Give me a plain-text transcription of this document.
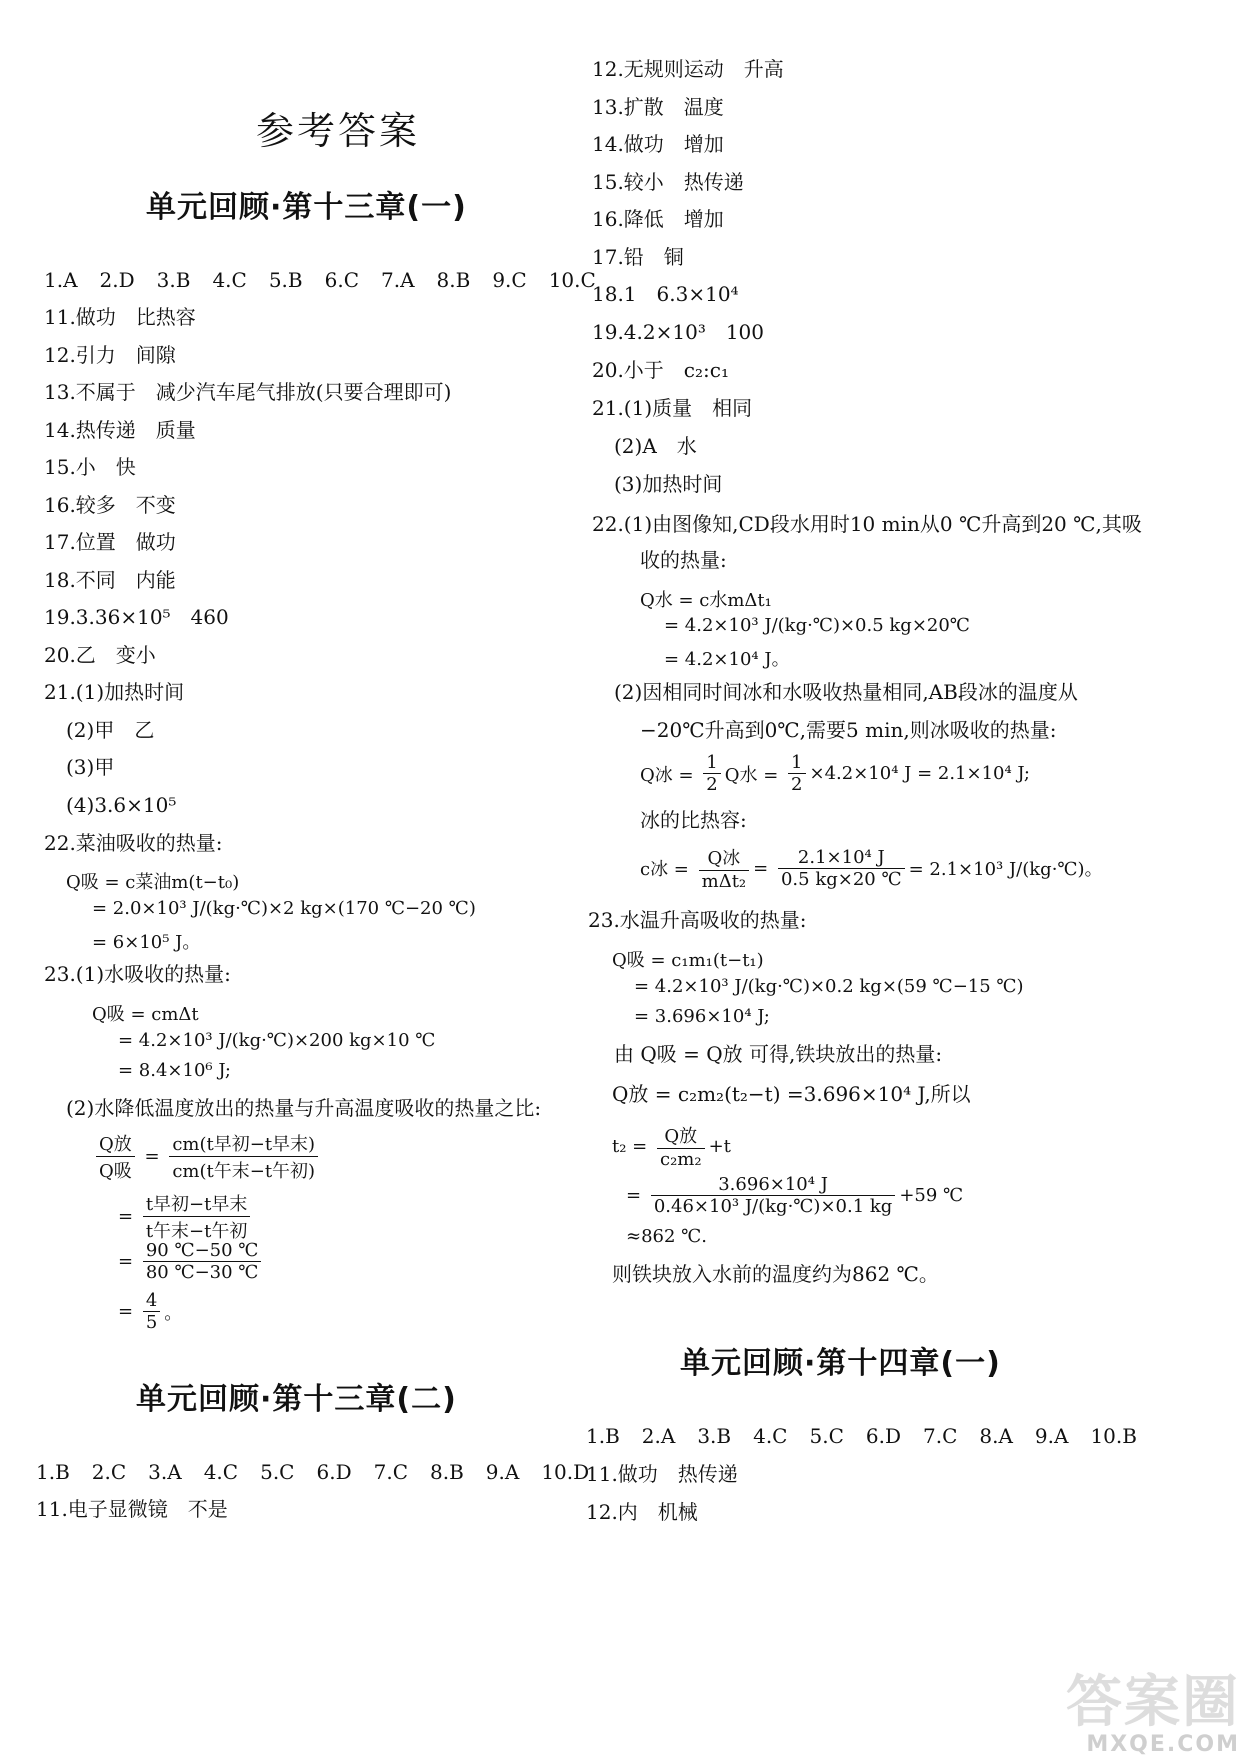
参考答案
单元回顾·第十三章(一)
1.A 2.D 3.B 4.C 5.B 6.C 7.A 8.B 9.C 10.C
11.做功　比热容
12.引力　间隙
13.不属于　减少汽车尾气排放(只要合理即可)
14.热传递　质量
15.小　快
16.较多　不变
17.位置　做功
18.不同　内能
19.3.36×10⁵　460
20.乙　变小
21.(1)加热时间
(2)甲　乙
(3)甲
(4)3.6×10⁵
22.菜油吸收的热量:
Q吸 = c菜油m(t−t₀)
= 2.0×10³ J/(kg·℃)×2 kg×(170 ℃−20 ℃)
= 6×10⁵ J。
23.(1)水吸收的热量:
Q吸 = cmΔt
= 4.2×10³ J/(kg·℃)×200 kg×10 ℃
= 8.4×10⁶ J;
(2)水降低温度放出的热量与升高温度吸收的热量之比:
$\frac{\text{Q放}}{\text{Q吸}} = \frac{\text{cm(t早初−t早末)}}{\text{cm(t午末−t午初)}}$
= $\frac{\text{t早初−t早末}}{\text{t午末−t午初}}$
= $\frac{90 ℃-50 ℃}{80 ℃-30 ℃}$
= $\frac{4}{5}$ 。
单元回顾·第十三章(二)
1.B 2.C 3.A 4.C 5.C 6.D 7.C 8.B 9.A 10.D
11.电子显微镜　不是
12.无规则运动　升高
13.扩散　温度
14.做功　增加
15.较小　热传递
16.降低　增加
17.铅　铜
18.1　6.3×10⁴
19.4.2×10³　100
20.小于　c₂:c₁
21.(1)质量　相同
(2)A　水
(3)加热时间
22.(1)由图像知,CD段水用时10 min从0 ℃升高到20 ℃,其吸
收的热量:
Q水 = c水mΔt₁
= 4.2×10³ J/(kg·℃)×0.5 kg×20℃
= 4.2×10⁴ J。
(2)因相同时间冰和水吸收热量相同,AB段冰的温度从
−20℃升高到0℃,需要5 min,则冰吸收的热量:
Q冰 = $\frac{1}{2}$ Q水 = $\frac{1}{2} \times 4.2\times 10^4$ J = 2.1×10⁴ J;
冰的比热容:
c冰 = $\frac{\text{Q冰}}{\text{mΔt₂}} = \frac{\text{2.1×10⁴ J}}{0.5 kg\times 20 ℃} = 2.1\times 10^3$ J/(kg·℃)。
23.水温升高吸收的热量:
Q吸 = c₁m₁(t−t₁)
= 4.2×10³ J/(kg·℃)×0.2 kg×(59 ℃−15 ℃)
= 3.696×10⁴ J;
由 Q吸 = Q放 可得,铁块放出的热量:
Q放 = c₂m₂(t₂−t) =3.696×10⁴ J,所以
$t_2 = \frac{\text{Q放}}{\text{c₂m₂}} +t$
= $\frac{\text{3.696×10⁴ J}}{\text{0.46×10³ J/(kg·℃)×0.1 kg}} +59$ ℃
≈862 ℃.
则铁块放入水前的温度约为862 ℃。
单元回顾·第十四章(一)
1.B 2.A 3.B 4.C 5.C 6.D 7.C 8.A 9.A 10.B
11.做功　热传递
12.内　机械
答案圈
MXQE.COM
